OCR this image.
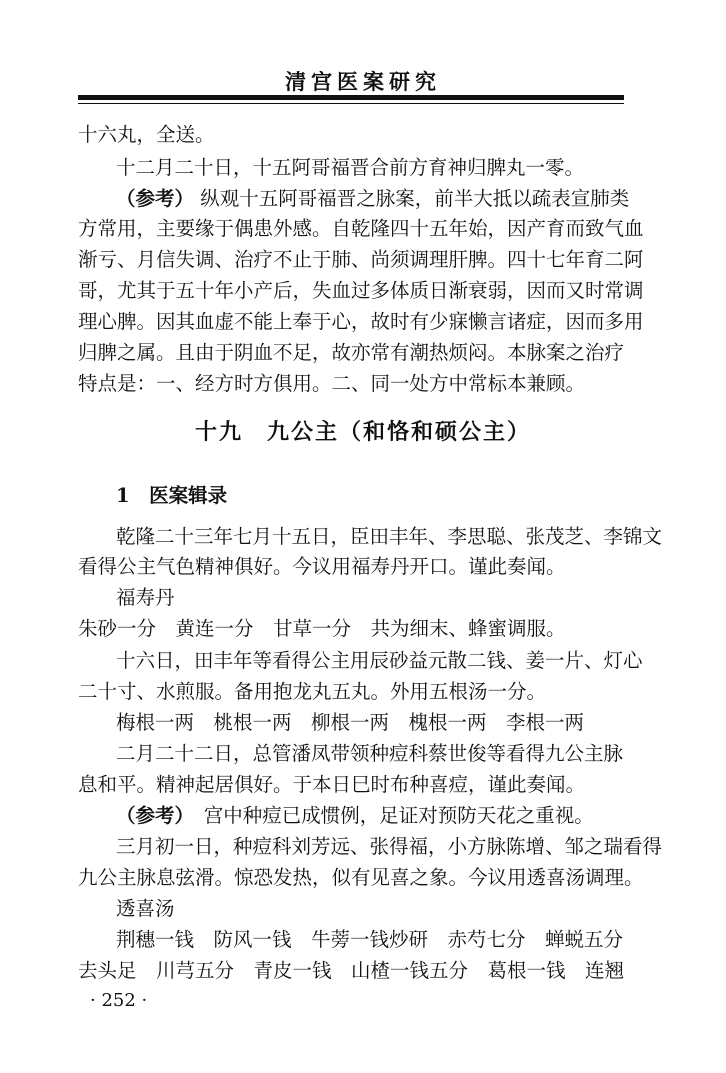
清宫医案研究
十六丸，全送。
十二月二十日，十五阿哥福晋合前方育神归脾丸一零。
（参考） 纵观十五阿哥福晋之脉案，前半大抵以疏表宣肺类
方常用，主要缘于偶患外感。自乾隆四十五年始，因产育而致气血
渐亏、月信失调、治疗不止于肺、尚须调理肝脾。四十七年育二阿
哥，尤其于五十年小产后，失血过多体质日渐衰弱，因而又时常调
理心脾。因其血虚不能上奉于心，故时有少寐懒言诸症，因而多用
归脾之属。且由于阴血不足，故亦常有潮热烦闷。本脉案之治疗
特点是：一、经方时方俱用。二、同一处方中常标本兼顾。
十九　九公主（和恪和硕公主）
1　医案辑录
乾隆二十三年七月十五日，臣田丰年、李思聪、张茂芝、李锦文
看得公主气色精神俱好。今议用福寿丹开口。谨此奏闻。
福寿丹
朱砂一分　黄连一分　甘草一分　共为细末、蜂蜜调服。
十六日，田丰年等看得公主用辰砂益元散二钱、姜一片、灯心
二十寸、水煎服。备用抱龙丸五丸。外用五根汤一分。
梅根一两　桃根一两　柳根一两　槐根一两　李根一两
二月二十二日，总管潘凤带领种痘科蔡世俊等看得九公主脉
息和平。精神起居俱好。于本日巳时布种喜痘，谨此奏闻。
（参考）　 宫中种痘已成惯例，足证对预防天花之重视。
三月初一日，种痘科刘芳远、张得福，小方脉陈增、邹之瑞看得
九公主脉息弦滑。惊恐发热，似有见喜之象。今议用透喜汤调理。
透喜汤
荆穗一钱　防风一钱　牛蒡一钱炒研　赤芍七分　蝉蜕五分
去头足　川芎五分　青皮一钱　山楂一钱五分　葛根一钱　连翘
· 252 ·
